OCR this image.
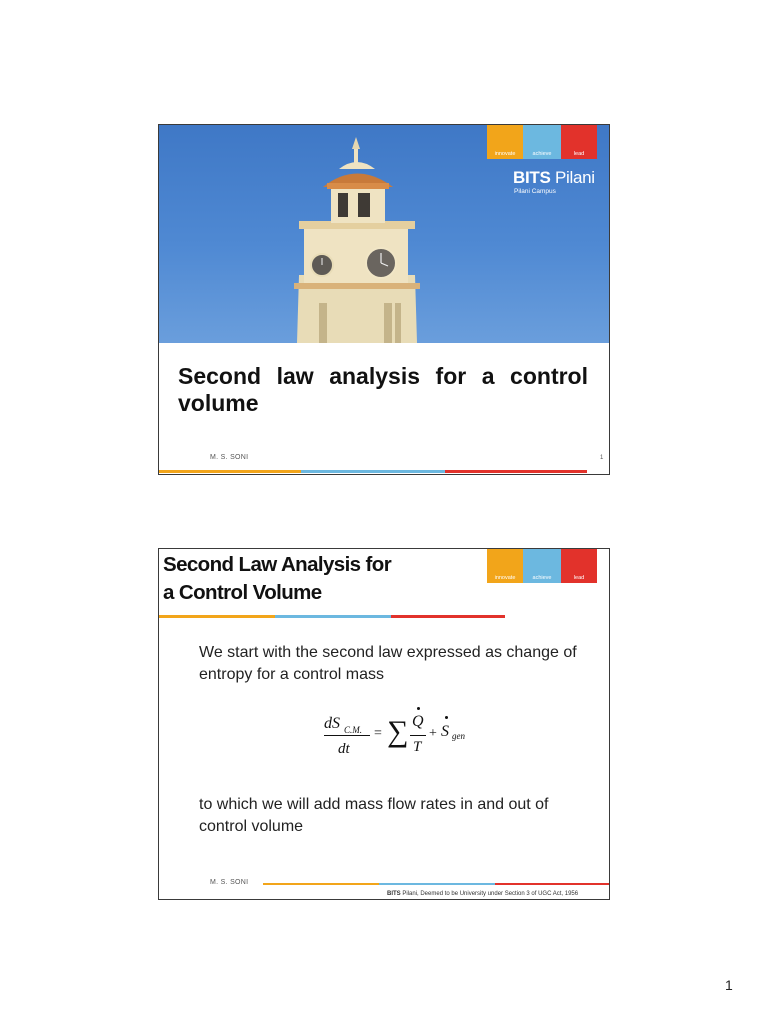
innovate	achieve	lead
BITS Pilani
Pilani Campus
Second law analysis for a control volume
M. S. SONI	1
Second Law Analysis for
a Control Volume
innovate	achieve	lead
We start with the second law expressed as change of entropy for a control mass
dS C.M.
dt
= ∑ Q
T
+ S gen
to which we will add mass flow rates in and out of control volume
M. S. SONI
BITS Pilani, Deemed to be University under Section 3 of UGC Act, 1956
1
